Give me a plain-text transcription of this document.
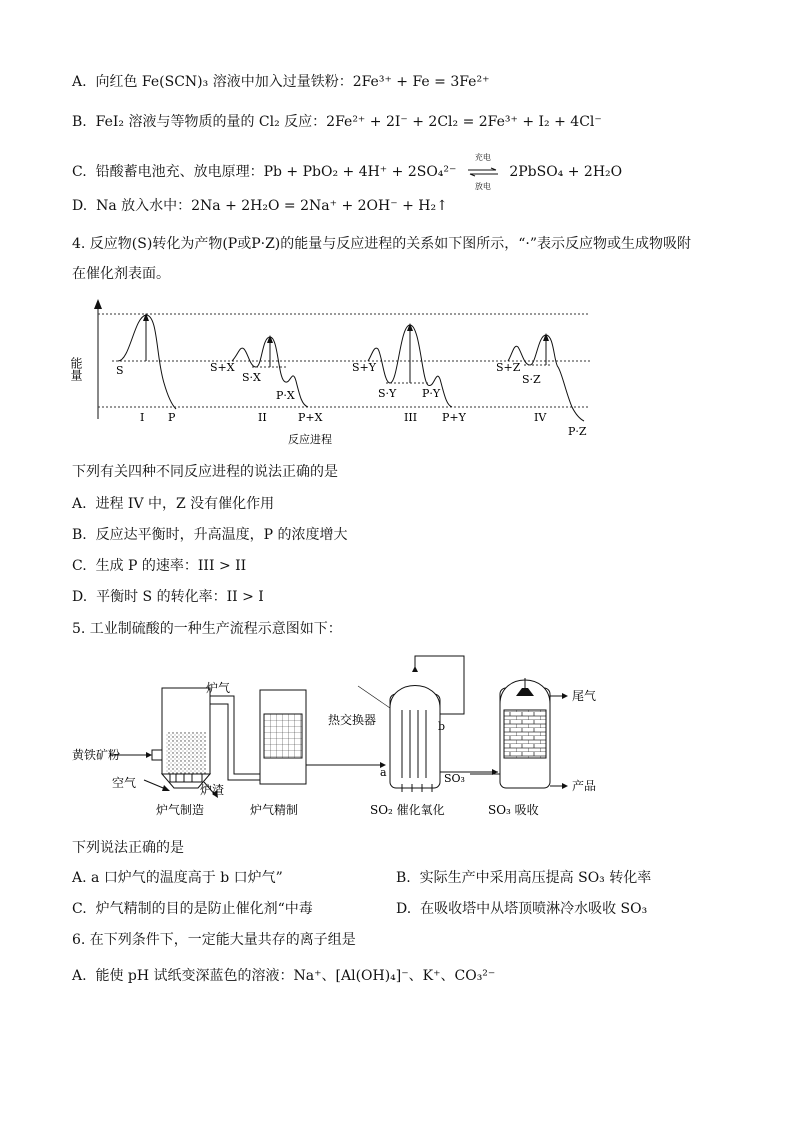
A. 向红色 Fe(SCN)₃ 溶液中加入过量铁粉：2Fe³⁺ + Fe = 3Fe²⁺
B. FeI₂ 溶液与等物质的量的 Cl₂ 反应：2Fe²⁺ + 2I⁻ + 2Cl₂ = 2Fe³⁺ + I₂ + 4Cl⁻
C. 铅酸蓄电池充、放电原理：Pb + PbO₂ + 4H⁺ + 2SO₄²⁻
充电
放电
2PbSO₄ + 2H₂O
D. Na 放入水中：2Na + 2H₂O = 2Na⁺ + 2OH⁻ + H₂↑
4. 反应物(S)转化为产物(P或P·Z)的能量与反应进程的关系如下图所示，“·”表示反应物或生成物吸附
在催化剂表面。
能量	S
I P
S+X
S·X
P·X
II	P+X
S+Y
S·Y P·Y
III P+Y
S+Z
S·Z
IV
P·Z
反应进程
下列有关四种不同反应进程的说法正确的是
A. 进程 IV 中，Z 没有催化作用
B. 反应达平衡时，升高温度，P 的浓度增大
C. 生成 P 的速率：III > II
D. 平衡时 S 的转化率：II > I
5. 工业制硫酸的一种生产流程示意图如下：
炉气
黄铁矿粉
空气	炉渣
炉气制造	炉气精制
热交换器
a
b
SO₃
SO₂ 催化氧化
尾气
产品
SO₃ 吸收
下列说法正确的是
A. a 口炉气的温度高于 b 口炉气”	B. 实际生产中采用高压提高 SO₃ 转化率
C. 炉气精制的目的是防止催化剂“中毒	D. 在吸收塔中从塔顶喷淋冷水吸收 SO₃
6. 在下列条件下，一定能大量共存的离子组是
A. 能使 pH 试纸变深蓝色的溶液：Na⁺、[Al(OH)₄]⁻、K⁺、CO₃²⁻
